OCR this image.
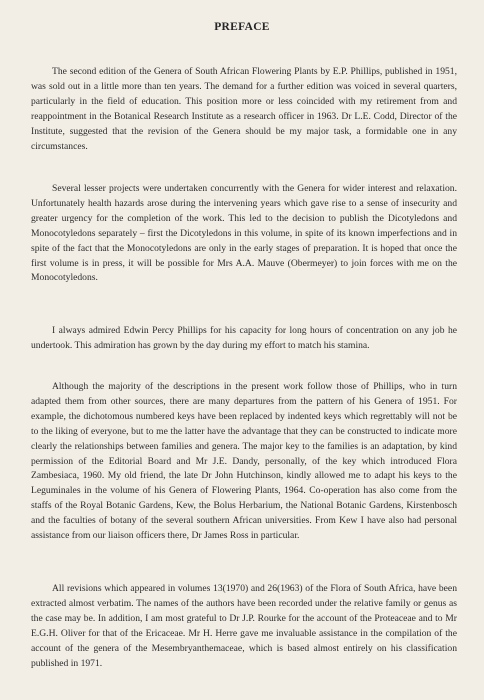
PREFACE

The second edition of the Genera of South African Flowering Plants by E.P. Phillips, published in 1951, was sold out in a little more than ten years. The demand for a further edition was voiced in several quarters, particularly in the field of education. This position more or less coincided with my retirement from and reappointment in the Botanical Research Institute as a research officer in 1963. Dr L.E. Codd, Director of the Institute, suggested that the revision of the Genera should be my major task, a formidable one in any circumstances.

Several lesser projects were undertaken concurrently with the Genera for wider interest and relaxation. Unfortunately health hazards arose during the intervening years which gave rise to a sense of insecurity and greater urgency for the completion of the work. This led to the decision to publish the Dicotyledons and Monocotyledons separately – first the Dicotyledons in this volume, in spite of its known imperfections and in spite of the fact that the Monocotyledons are only in the early stages of preparation. It is hoped that once the first volume is in press, it will be possible for Mrs A.A. Mauve (Obermeyer) to join forces with me on the Monocotyledons.

I always admired Edwin Percy Phillips for his capacity for long hours of concentration on any job he undertook. This admiration has grown by the day during my effort to match his stamina.

Although the majority of the descriptions in the present work follow those of Phillips, who in turn adapted them from other sources, there are many departures from the pattern of his Genera of 1951. For example, the dichotomous numbered keys have been replaced by indented keys which regrettably will not be to the liking of everyone, but to me the latter have the advantage that they can be constructed to indicate more clearly the relationships between families and genera. The major key to the families is an adaptation, by kind permission of the Editorial Board and Mr J.E. Dandy, personally, of the key which introduced Flora Zambesiaca, 1960. My old friend, the late Dr John Hutchinson, kindly allowed me to adapt his keys to the Leguminales in the volume of his Genera of Flowering Plants, 1964. Co-operation has also come from the staffs of the Royal Botanic Gardens, Kew, the Bolus Herbarium, the National Botanic Gardens, Kirstenbosch and the faculties of botany of the several southern African universities. From Kew I have also had personal assistance from our liaison officers there, Dr James Ross in particular.

All revisions which appeared in volumes 13(1970) and 26(1963) of the Flora of South Africa, have been extracted almost verbatim. The names of the authors have been recorded under the relative family or genus as the case may be. In addition, I am most grateful to Dr J.P. Rourke for the account of the Proteaceae and to Mr E.G.H. Oliver for that of the Ericaceae. Mr H. Herre gave me invaluable assistance in the compilation of the account of the genera of the Mesembryanthemaceae, which is based almost entirely on his classification published in 1971.
